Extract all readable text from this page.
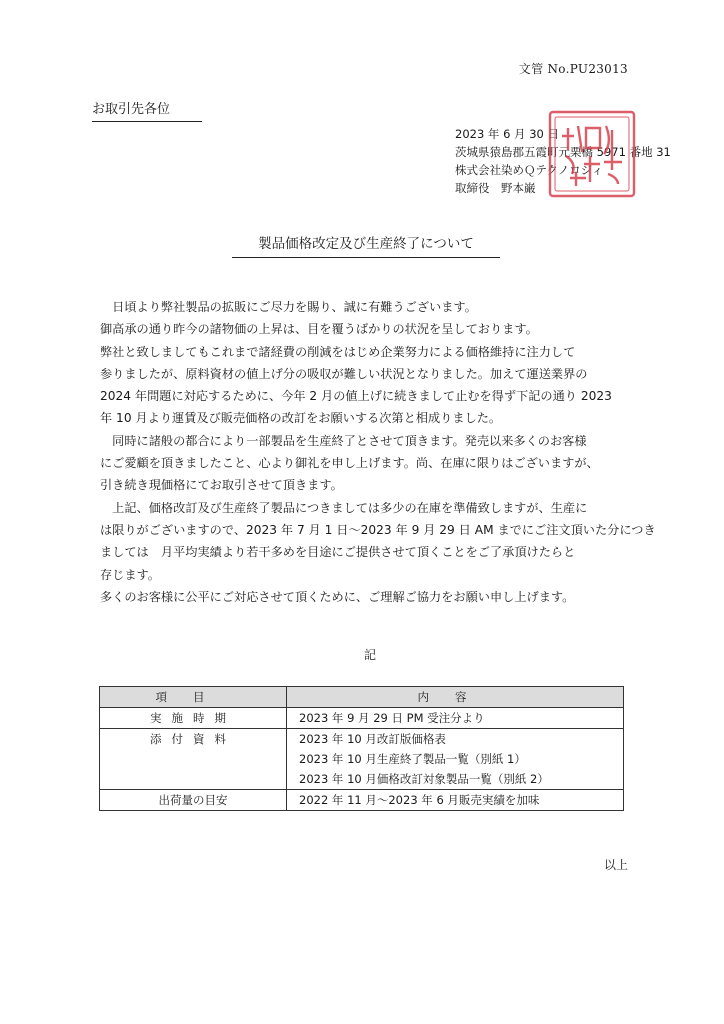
文管 No.PU23013
お取引先各位
2023 年 6 月 30 日
茨城県猿島郡五霞町元栗橋 5971 番地 31
株式会社染めＱテクノロジィ
取締役　野本巌
製品価格改定及び生産終了について

　日頃より弊社製品の拡販にご尽力を賜り、誠に有難うございます。

御高承の通り昨今の諸物価の上昇は、目を覆うばかりの状況を呈しております。

弊社と致しましてもこれまで諸経費の削減をはじめ企業努力による価格維持に注力して

参りましたが、原料資材の値上げ分の吸収が難しい状況となりました。加えて運送業界の

2024 年問題に対応するために、今年 2 月の値上げに続きまして止むを得ず下記の通り 2023

年 10 月より運賃及び販売価格の改訂をお願いする次第と相成りました。

　同時に諸般の都合により一部製品を生産終了とさせて頂きます。発売以来多くのお客様

にご愛顧を頂きましたこと、心より御礼を申し上げます。尚、在庫に限りはございますが、

引き続き現価格にてお取引させて頂きます。

　上記、価格改訂及び生産終了製品につきましては多少の在庫を準備致しますが、生産に

は限りがございますので、2023 年 7 月 1 日～2023 年 9 月 29 日 AM までにご注文頂いた分につき

ましては　月平均実績より若干多めを目途にご提供させて頂くことをご了承頂けたらと

存じます。

多くのお客様に公平にご対応させて頂くために、ご理解ご協力をお願い申し上げます。

記
項目	内容
実施時期	2023 年 9 月 29 日 PM 受注分より

添付資料	2023 年 10 月改訂版価格表
2023 年 10 月生産終了製品一覧（別紙 1）
2023 年 10 月価格改訂対象製品一覧（別紙 2）

出荷量の目安	2022 年 11 月～2023 年 6 月販売実績を加味
以上
